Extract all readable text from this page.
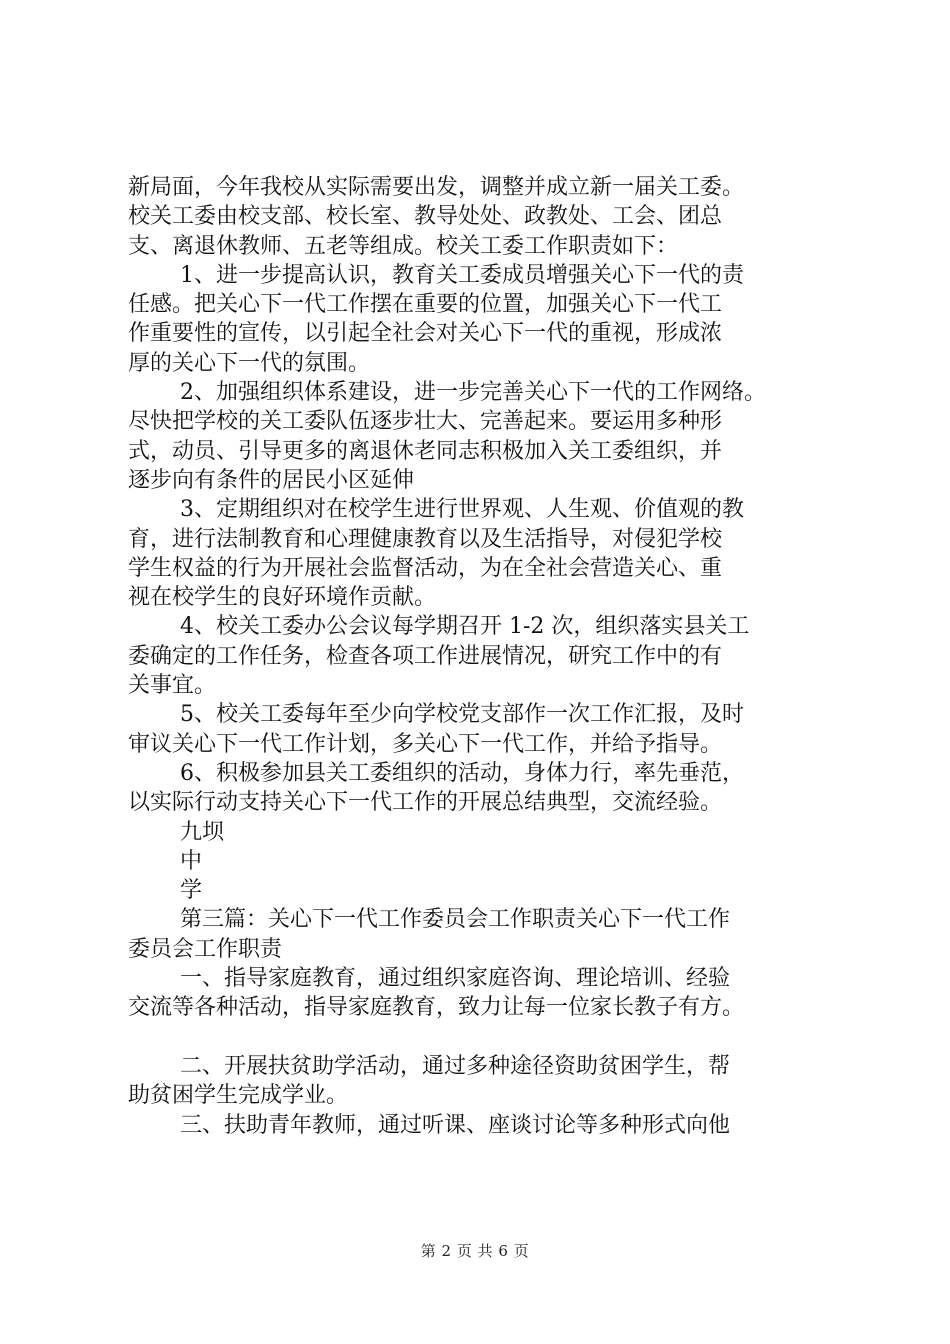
新局面，今年我校从实际需要出发，调整并成立新一届关工委。
校关工委由校支部、校长室、教导处处、政教处、工会、团总
支、离退休教师、五老等组成。校关工委工作职责如下：
1、进一步提高认识，教育关工委成员增强关心下一代的责
任感。把关心下一代工作摆在重要的位置，加强关心下一代工
作重要性的宣传，以引起全社会对关心下一代的重视，形成浓
厚的关心下一代的氛围。
2、加强组织体系建设，进一步完善关心下一代的工作网络。
尽快把学校的关工委队伍逐步壮大、完善起来。要运用多种形
式，动员、引导更多的离退休老同志积极加入关工委组织，并
逐步向有条件的居民小区延伸
3、定期组织对在校学生进行世界观、人生观、价值观的教
育，进行法制教育和心理健康教育以及生活指导，对侵犯学校
学生权益的行为开展社会监督活动，为在全社会营造关心、重
视在校学生的良好环境作贡献。
4、校关工委办公会议每学期召开 1-2 次，组织落实县关工
委确定的工作任务，检查各项工作进展情况，研究工作中的有
关事宜。
5、校关工委每年至少向学校党支部作一次工作汇报，及时
审议关心下一代工作计划，多关心下一代工作，并给予指导。
6、积极参加县关工委组织的活动，身体力行，率先垂范，
以实际行动支持关心下一代工作的开展总结典型，交流经验。
九坝
中
学
第三篇：关心下一代工作委员会工作职责关心下一代工作
委员会工作职责
一、指导家庭教育，通过组织家庭咨询、理论培训、经验
交流等各种活动，指导家庭教育，致力让每一位家长教子有方。
二、开展扶贫助学活动，通过多种途径资助贫困学生，帮
助贫困学生完成学业。
三、扶助青年教师，通过听课、座谈讨论等多种形式向他
第 2 页 共 6 页
